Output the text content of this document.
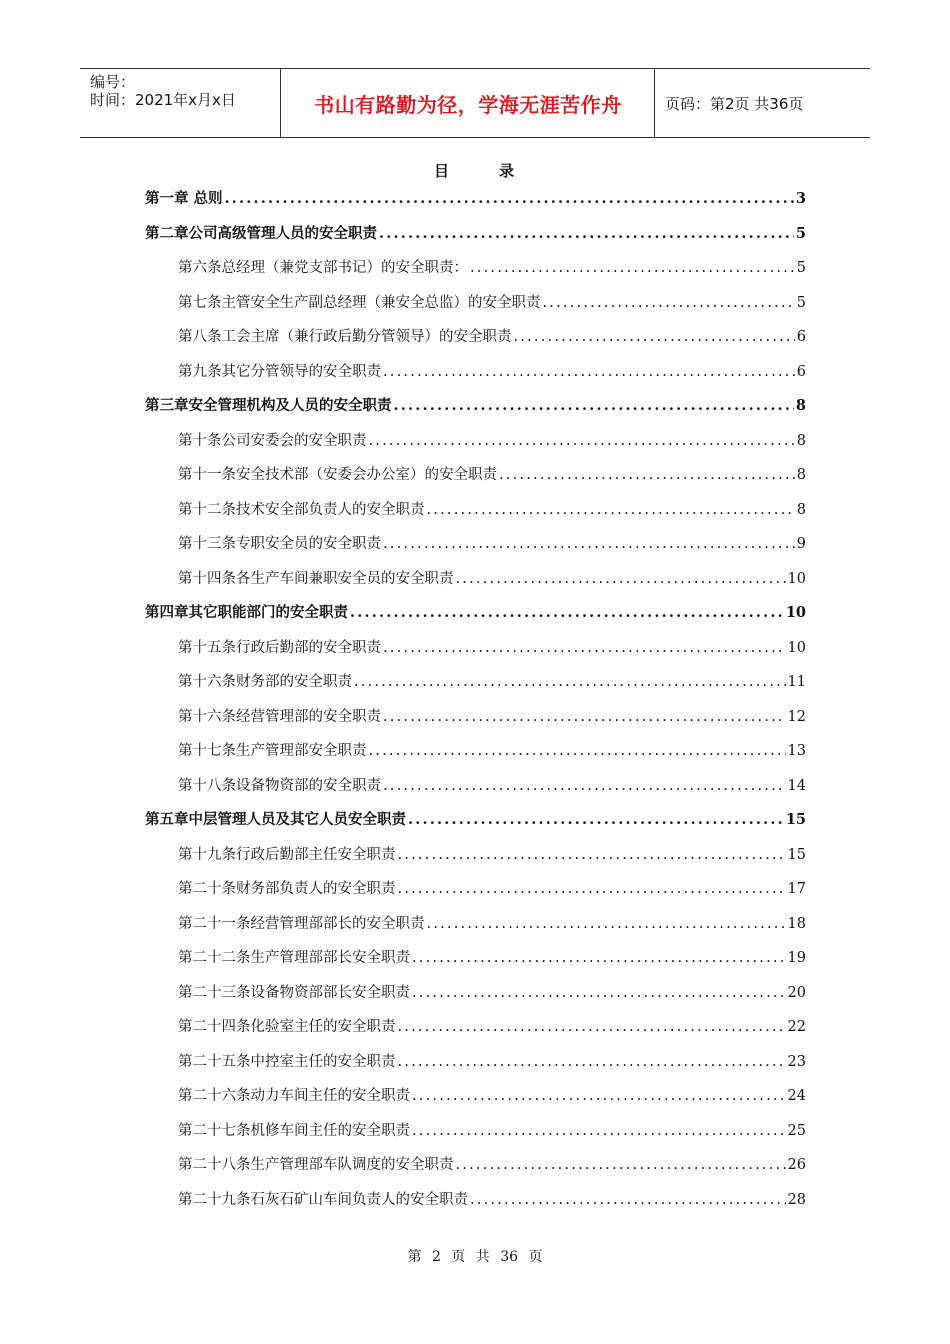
编号：
时间：2021年x月x日	书山有路勤为径，学海无涯苦作舟	页码：第2页 共36页
目	录
第一章 总则 .....	3
第二章公司高级管理人员的安全职责 .....	5
第六条总经理（兼党支部书记）的安全职责： .....	5
第七条主管安全生产副总经理（兼安全总监）的安全职责 .....	5
第八条工会主席（兼行政后勤分管领导）的安全职责 .....	6
第九条其它分管领导的安全职责 .....	6
第三章安全管理机构及人员的安全职责 .....	8
第十条公司安委会的安全职责 .....	8
第十一条安全技术部（安委会办公室）的安全职责 .....	8
第十二条技术安全部负责人的安全职责 .....	8
第十三条专职安全员的安全职责 .....	9
第十四条各生产车间兼职安全员的安全职责 .....	10
第四章其它职能部门的安全职责 .....	10
第十五条行政后勤部的安全职责 .....	10
第十六条财务部的安全职责 .....	11
第十六条经营管理部的安全职责 .....	12
第十七条生产管理部安全职责 .....	13
第十八条设备物资部的安全职责 .....	14
第五章中层管理人员及其它人员安全职责 .....	15
第十九条行政后勤部主任安全职责 .....	15
第二十条财务部负责人的安全职责 .....	17
第二十一条经营管理部部长的安全职责 .....	18
第二十二条生产管理部部长安全职责 .....	19
第二十三条设备物资部部长安全职责 .....	20
第二十四条化验室主任的安全职责 .....	22
第二十五条中控室主任的安全职责 .....	23
第二十六条动力车间主任的安全职责 .....	24
第二十七条机修车间主任的安全职责 .....	25
第二十八条生产管理部车队调度的安全职责 .....	26
第二十九条石灰石矿山车间负责人的安全职责 .....	28
第 2 页 共 36 页
